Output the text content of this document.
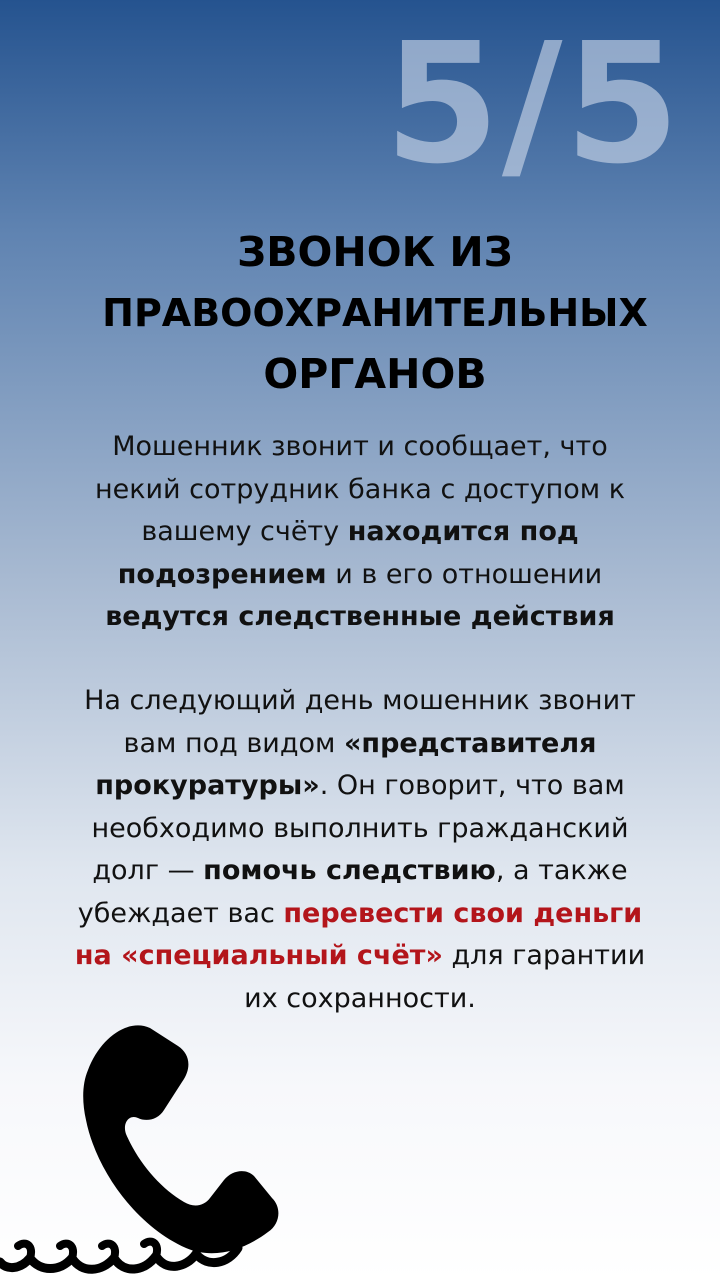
5/5
ЗВОНОК ИЗ
ПРАВООХРАНИТЕЛЬНЫХ
ОРГАНОВ
Мошенник звонит и сообщает, что
некий сотрудник банка с доступом к
вашему счёту находится под
подозрением и в его отношении
ведутся следственные действия
На следующий день мошенник звонит
вам под видом «представителя
прокуратуры». Он говорит, что вам
необходимо выполнить гражданский
долг — помочь следствию, а также
убеждает вас перевести свои деньги
на «специальный счёт» для гарантии
их сохранности.
